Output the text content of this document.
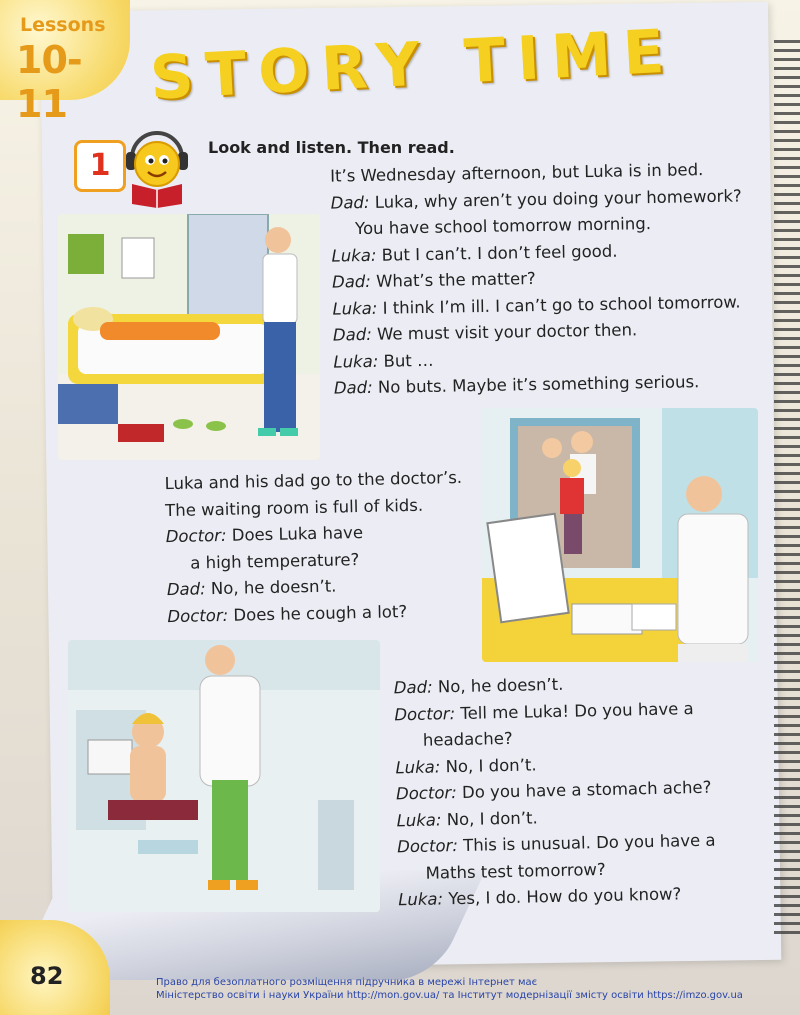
Lessons
10-11	STORY TIME
1
Look and listen. Then read.
It’s Wednesday afternoon, but Luka is in bed.
Dad: Luka, why aren’t you doing your homework?
You have school tomorrow morning.
Luka: But I can’t. I don’t feel good.
Dad: What’s the matter?
Luka: I think I’m ill. I can’t go to school tomorrow.
Dad: We must visit your doctor then.
Luka: But …
Dad: No buts. Maybe it’s something serious.
Luka and his dad go to the doctor’s.
The waiting room is full of kids.
Doctor: Does Luka have
a high temperature?
Dad: No, he doesn’t.
Doctor: Does he cough a lot?
Dad: No, he doesn’t.
Doctor: Tell me Luka! Do you have a
headache?
Luka: No, I don’t.
Doctor: Do you have a stomach ache?
Luka: No, I don’t.
Doctor: This is unusual. Do you have a
Maths test tomorrow?
Luka: Yes, I do. How do you know?
82	Право для безоплатного розміщення підручника в мережі Інтернет має
Міністерство освіти і науки України http://mon.gov.ua/ та Інститут модернізації змісту освіти https://imzo.gov.ua
